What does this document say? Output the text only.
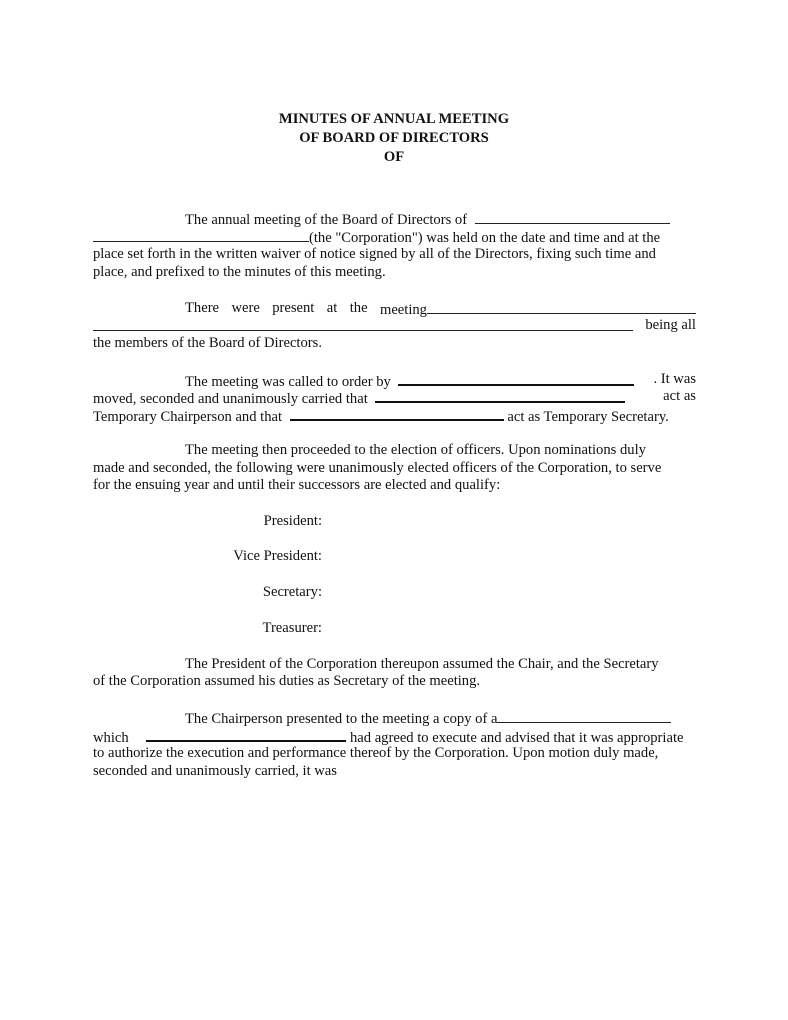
MINUTES OF ANNUAL MEETING
OF BOARD OF DIRECTORS
OF
The annual meeting of the Board of Directors of
(the "Corporation") was held on the date and time and at the
place set forth in the written waiver of notice signed by all of the Directors, fixing such time and
place, and prefixed to the minutes of this meeting.
There were present at the meeting
being all
the members of the Board of Directors.
The meeting was called to order by	. It was
moved, seconded and unanimously carried that	act as
Temporary Chairperson and that	act as Temporary Secretary.
The meeting then proceeded to the election of officers. Upon nominations duly
made and seconded, the following were unanimously elected officers of the Corporation, to serve
for the ensuing year and until their successors are elected and qualify:
President:
Vice President:
Secretary:
Treasurer:
The President of the Corporation thereupon assumed the Chair, and the Secretary
of the Corporation assumed his duties as Secretary of the meeting.
The Chairperson presented to the meeting a copy of a
which	had agreed to execute and advised that it was appropriate
to authorize the execution and performance thereof by the Corporation. Upon motion duly made,
seconded and unanimously carried, it was
